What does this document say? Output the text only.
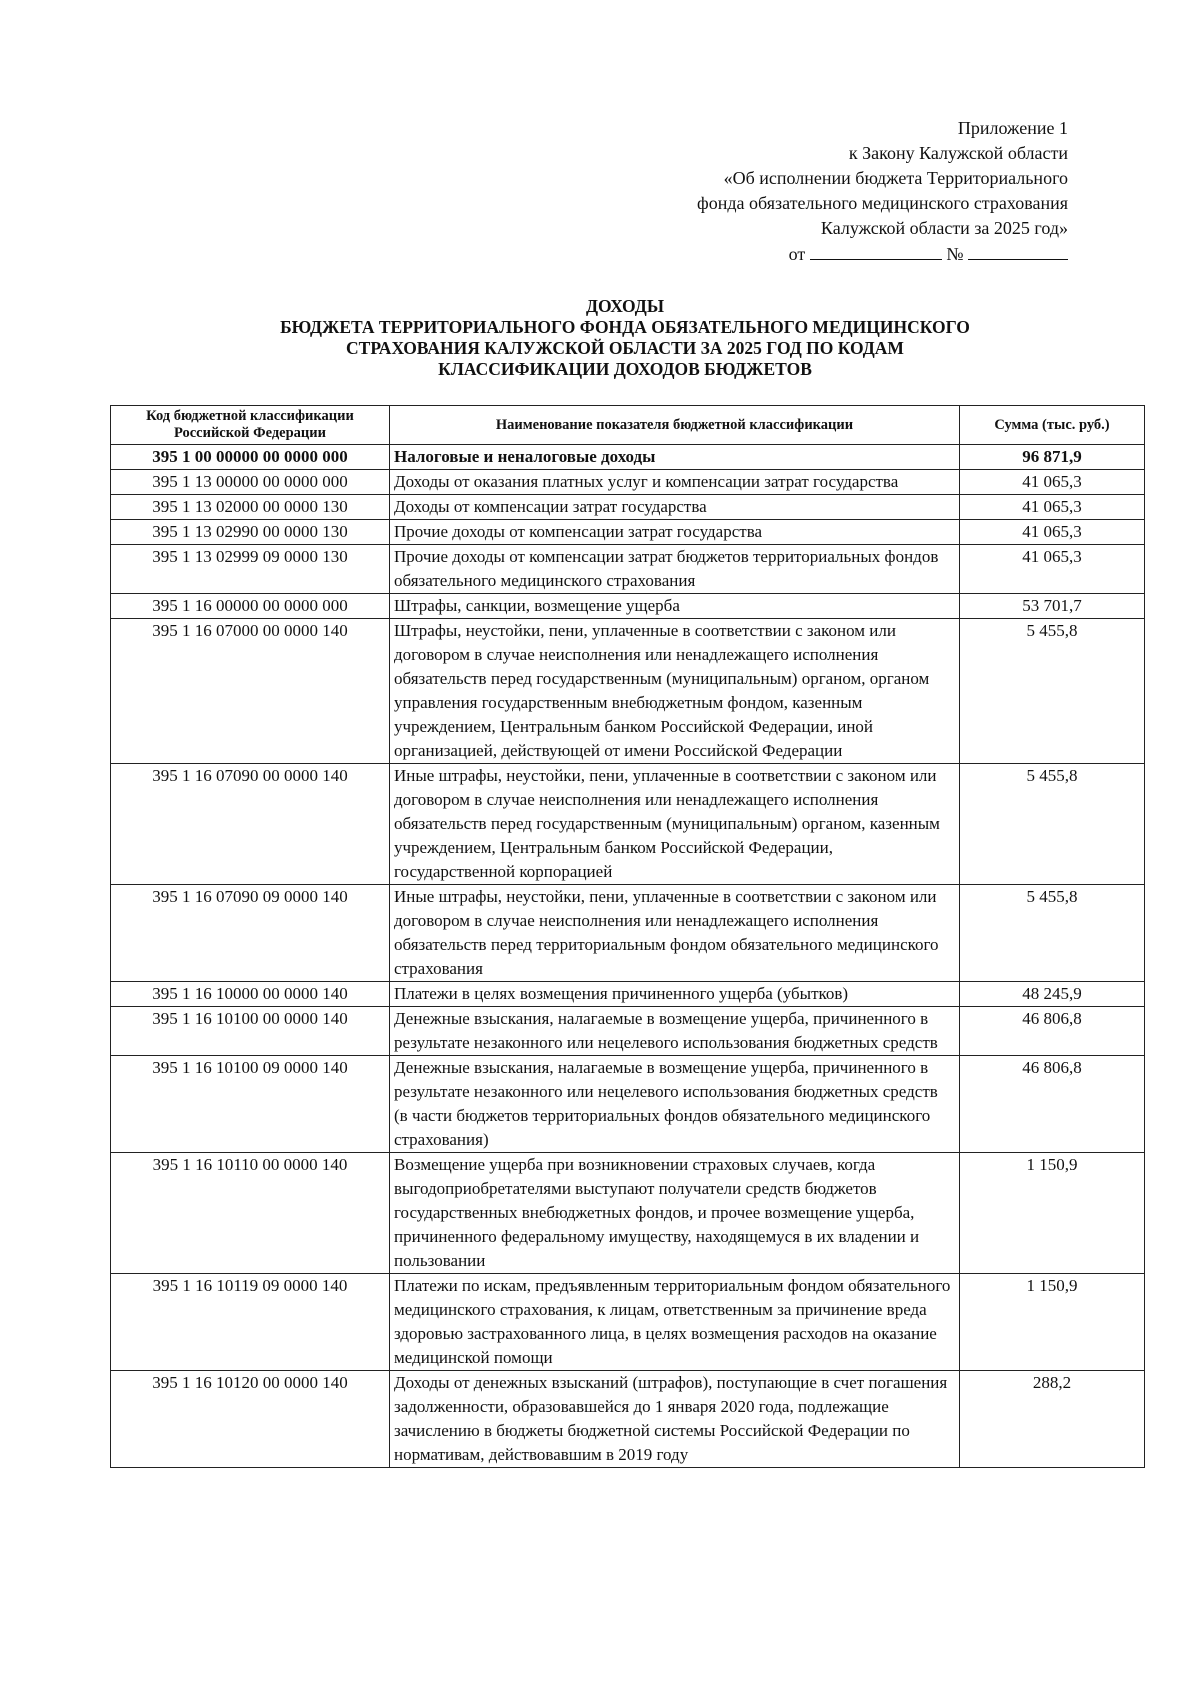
Приложение 1
к Закону Калужской области
«Об исполнении бюджета Территориального
фонда обязательного медицинского страхования
Калужской области за 2025 год»
от	№
ДОХОДЫ
БЮДЖЕТА ТЕРРИТОРИАЛЬНОГО ФОНДА ОБЯЗАТЕЛЬНОГО МЕДИЦИНСКОГО
СТРАХОВАНИЯ КАЛУЖСКОЙ ОБЛАСТИ ЗА 2025 ГОД ПО КОДАМ
КЛАССИФИКАЦИИ ДОХОДОВ БЮДЖЕТОВ
Код бюджетной классификации Российской Федерации	Наименование показателя бюджетной классификации	Сумма (тыс. руб.)
395 1 00 00000 00 0000 000	Налоговые и неналоговые доходы	96 871,9
395 1 13 00000 00 0000 000	Доходы от оказания платных услуг и компенсации затрат государства	41 065,3
395 1 13 02000 00 0000 130	Доходы от компенсации затрат государства	41 065,3
395 1 13 02990 00 0000 130	Прочие доходы от компенсации затрат государства	41 065,3
395 1 13 02999 09 0000 130	Прочие доходы от компенсации затрат бюджетов территориальных фондов обязательного медицинского страхования	41 065,3
395 1 16 00000 00 0000 000	Штрафы, санкции, возмещение ущерба	53 701,7
395 1 16 07000 00 0000 140	Штрафы, неустойки, пени, уплаченные в соответствии с законом или договором в случае неисполнения или ненадлежащего исполнения обязательств перед государственным (муниципальным) органом, органом управления государственным внебюджетным фондом, казенным учреждением, Центральным банком Российской Федерации, иной организацией, действующей от имени Российской Федерации	5 455,8
395 1 16 07090 00 0000 140	Иные штрафы, неустойки, пени, уплаченные в соответствии с законом или договором в случае неисполнения или ненадлежащего исполнения обязательств перед государственным (муниципальным) органом, казенным учреждением, Центральным банком Российской Федерации, государственной корпорацией	5 455,8
395 1 16 07090 09 0000 140	Иные штрафы, неустойки, пени, уплаченные в соответствии с законом или договором в случае неисполнения или ненадлежащего исполнения обязательств перед территориальным фондом обязательного медицинского страхования	5 455,8
395 1 16 10000 00 0000 140	Платежи в целях возмещения причиненного ущерба (убытков)	48 245,9
395 1 16 10100 00 0000 140	Денежные взыскания, налагаемые в возмещение ущерба, причиненного в результате незаконного или нецелевого использования бюджетных средств	46 806,8
395 1 16 10100 09 0000 140	Денежные взыскания, налагаемые в возмещение ущерба, причиненного в результате незаконного или нецелевого использования бюджетных средств (в части бюджетов территориальных фондов обязательного медицинского страхования)	46 806,8
395 1 16 10110 00 0000 140	Возмещение ущерба при возникновении страховых случаев, когда выгодоприобретателями выступают получатели средств бюджетов государственных внебюджетных фондов, и прочее возмещение ущерба, причиненного федеральному имуществу, находящемуся в их владении и пользовании	1 150,9
395 1 16 10119 09 0000 140	Платежи по искам, предъявленным территориальным фондом обязательного медицинского страхования, к лицам, ответственным за причинение вреда здоровью застрахованного лица, в целях возмещения расходов на оказание медицинской помощи	1 150,9
395 1 16 10120 00 0000 140	Доходы от денежных взысканий (штрафов), поступающие в счет погашения задолженности, образовавшейся до 1 января 2020 года, подлежащие зачислению в бюджеты бюджетной системы Российской Федерации по нормативам, действовавшим в 2019 году	288,2
